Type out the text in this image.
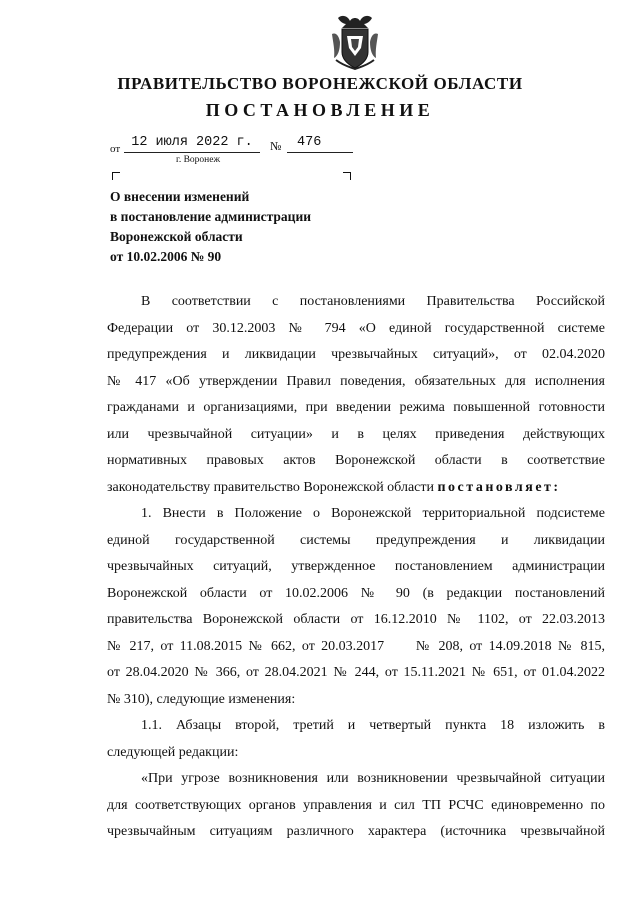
ПРАВИТЕЛЬСТВО ВОРОНЕЖСКОЙ ОБЛАСТИ
ПОСТАНОВЛЕНИЕ
от 12 июля 2022 г.	№	476
г. Воронеж
О внесении изменений
в постановление администрации
Воронежской области
от 10.02.2006 № 90
В соответствии с постановлениями Правительства Российской
Федерации от 30.12.2003 № 794 «О единой государственной системе
предупреждения и ликвидации чрезвычайных ситуаций», от 02.04.2020
№ 417 «Об утверждении Правил поведения, обязательных для исполнения
гражданами и организациями, при введении режима повышенной готовности
или чрезвычайной ситуации» и в целях приведения действующих
нормативных правовых актов Воронежской области в соответствие
законодательству правительство Воронежской области постановляет:
1. Внести в Положение о Воронежской территориальной подсистеме
единой государственной системы предупреждения и ликвидации
чрезвычайных ситуаций, утвержденное постановлением администрации
Воронежской области от 10.02.2006 № 90 (в редакции постановлений
правительства Воронежской области от 16.12.2010 № 1102, от 22.03.2013
№ 217, от 11.08.2015 № 662, от 20.03.2017     № 208, от 14.09.2018 № 815,
от 28.04.2020 № 366, от 28.04.2021 № 244, от 15.11.2021 № 651, от 01.04.2022
№ 310), следующие изменения:
1.1. Абзацы второй, третий и четвертый пункта 18 изложить в
следующей редакции:
«При угрозе возникновения или возникновении чрезвычайной ситуации
для соответствующих органов управления и сил ТП РСЧС единовременно по
чрезвычайным ситуациям различного характера (источника чрезвычайной
